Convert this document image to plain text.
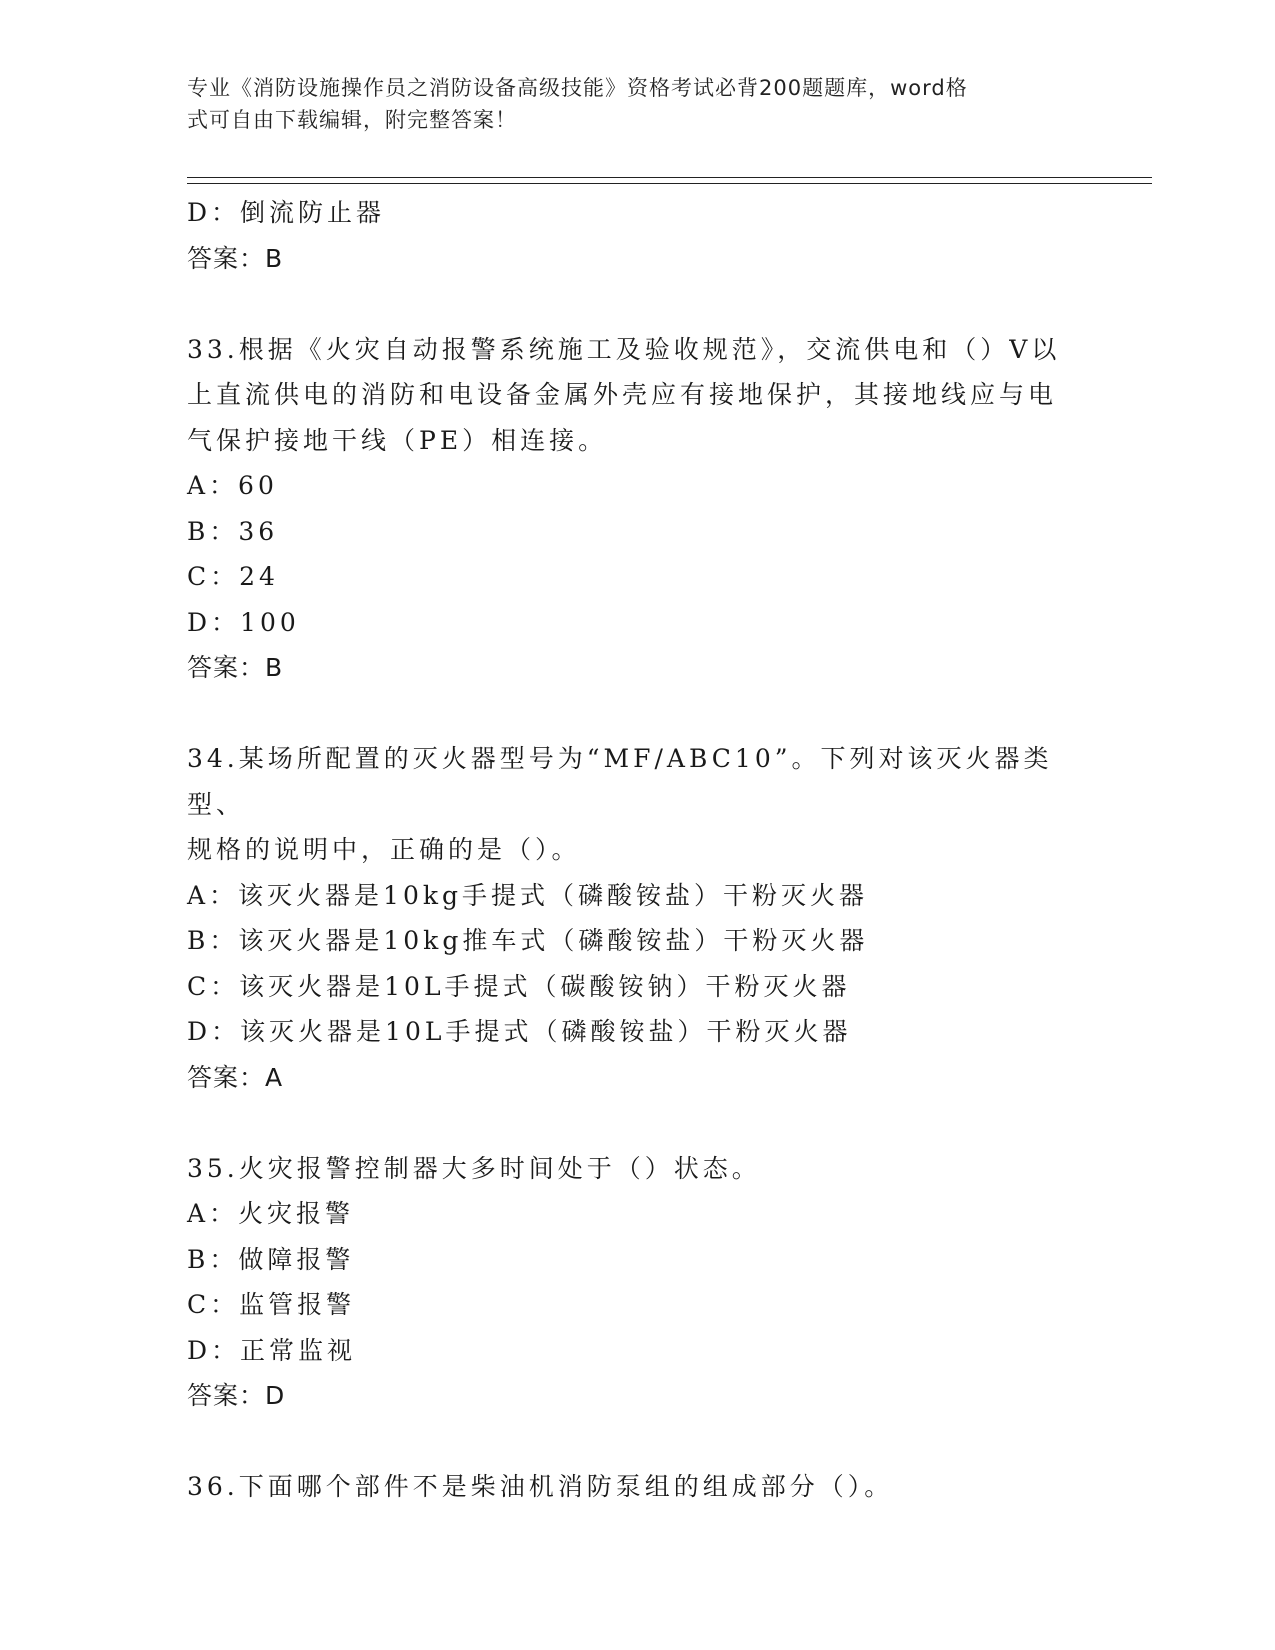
专业《消防设施操作员之消防设备高级技能》资格考试必背200题题库，word格
式可自由下载编辑，附完整答案！
D：倒流防止器
答案：B
33.根据《火灾自动报警系统施工及验收规范》，交流供电和（）V以
上直流供电的消防和电设备金属外壳应有接地保护，其接地线应与电
气保护接地干线（PE）相连接。
A：60
B：36
C：24
D：100
答案：B
34.某场所配置的灭火器型号为“MF/ABC10”。下列对该灭火器类型、
规格的说明中，正确的是（）。
A：该灭火器是10kg手提式（磷酸铵盐）干粉灭火器
B：该灭火器是10kg推车式（磷酸铵盐）干粉灭火器
C：该灭火器是10L手提式（碳酸铵钠）干粉灭火器
D：该灭火器是10L手提式（磷酸铵盐）干粉灭火器
答案：A
35.火灾报警控制器大多时间处于（）状态。
A：火灾报警
B：做障报警
C：监管报警
D：正常监视
答案：D
36.下面哪个部件不是柴油机消防泵组的组成部分（）。
